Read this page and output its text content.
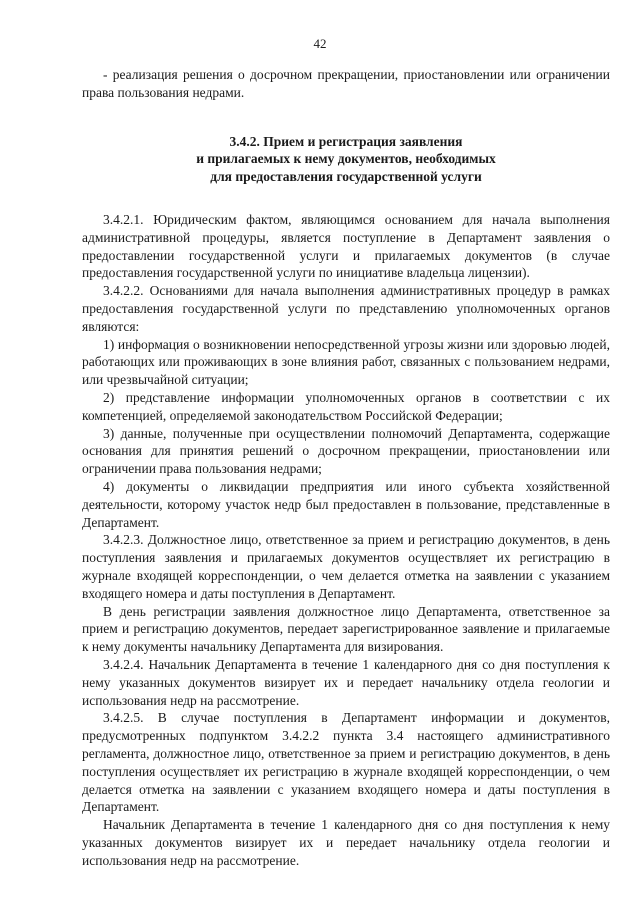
42

- реализация решения о досрочном прекращении, приостановлении или ограничении права пользования недрами.

3.4.2. Прием и регистрация заявления
и прилагаемых к нему документов, необходимых
для предоставления государственной услуги

3.4.2.1. Юридическим фактом, являющимся основанием для начала выполнения административной процедуры, является поступление в Департамент заявления о предоставлении государственной услуги и прилагаемых документов (в случае предоставления государственной услуги по инициативе владельца лицензии).

3.4.2.2. Основаниями для начала выполнения административных процедур в рамках предоставления государственной услуги по представлению уполномоченных органов являются:

1) информация о возникновении непосредственной угрозы жизни или здоровью людей, работающих или проживающих в зоне влияния работ, связанных с пользованием недрами, или чрезвычайной ситуации;

2) представление информации уполномоченных органов в соответствии с их компетенцией, определяемой законодательством Российской Федерации;

3) данные, полученные при осуществлении полномочий Департамента, содержащие основания для принятия решений о досрочном прекращении, приостановлении или ограничении права пользования недрами;

4) документы о ликвидации предприятия или иного субъекта хозяйственной деятельности, которому участок недр был предоставлен в пользование, представленные в Департамент.

3.4.2.3. Должностное лицо, ответственное за прием и регистрацию документов, в день поступления заявления и прилагаемых документов осуществляет их регистрацию в журнале входящей корреспонденции, о чем делается отметка на заявлении с указанием входящего номера и даты поступления в Департамент.

В день регистрации заявления должностное лицо Департамента, ответственное за прием и регистрацию документов, передает зарегистрированное заявление и прилагаемые к нему документы начальнику Департамента для визирования.

3.4.2.4. Начальник Департамента в течение 1 календарного дня со дня поступления к нему указанных документов визирует их и передает начальнику отдела геологии и использования недр на рассмотрение.

3.4.2.5. В случае поступления в Департамент информации и документов, предусмотренных подпунктом 3.4.2.2 пункта 3.4 настоящего административного регламента, должностное лицо, ответственное за прием и регистрацию документов, в день поступления осуществляет их регистрацию в журнале входящей корреспонденции, о чем делается отметка на заявлении с указанием входящего номера и даты поступления в Департамент.

Начальник Департамента в течение 1 календарного дня со дня поступления к нему указанных документов визирует их и передает начальнику отдела геологии и использования недр на рассмотрение.
